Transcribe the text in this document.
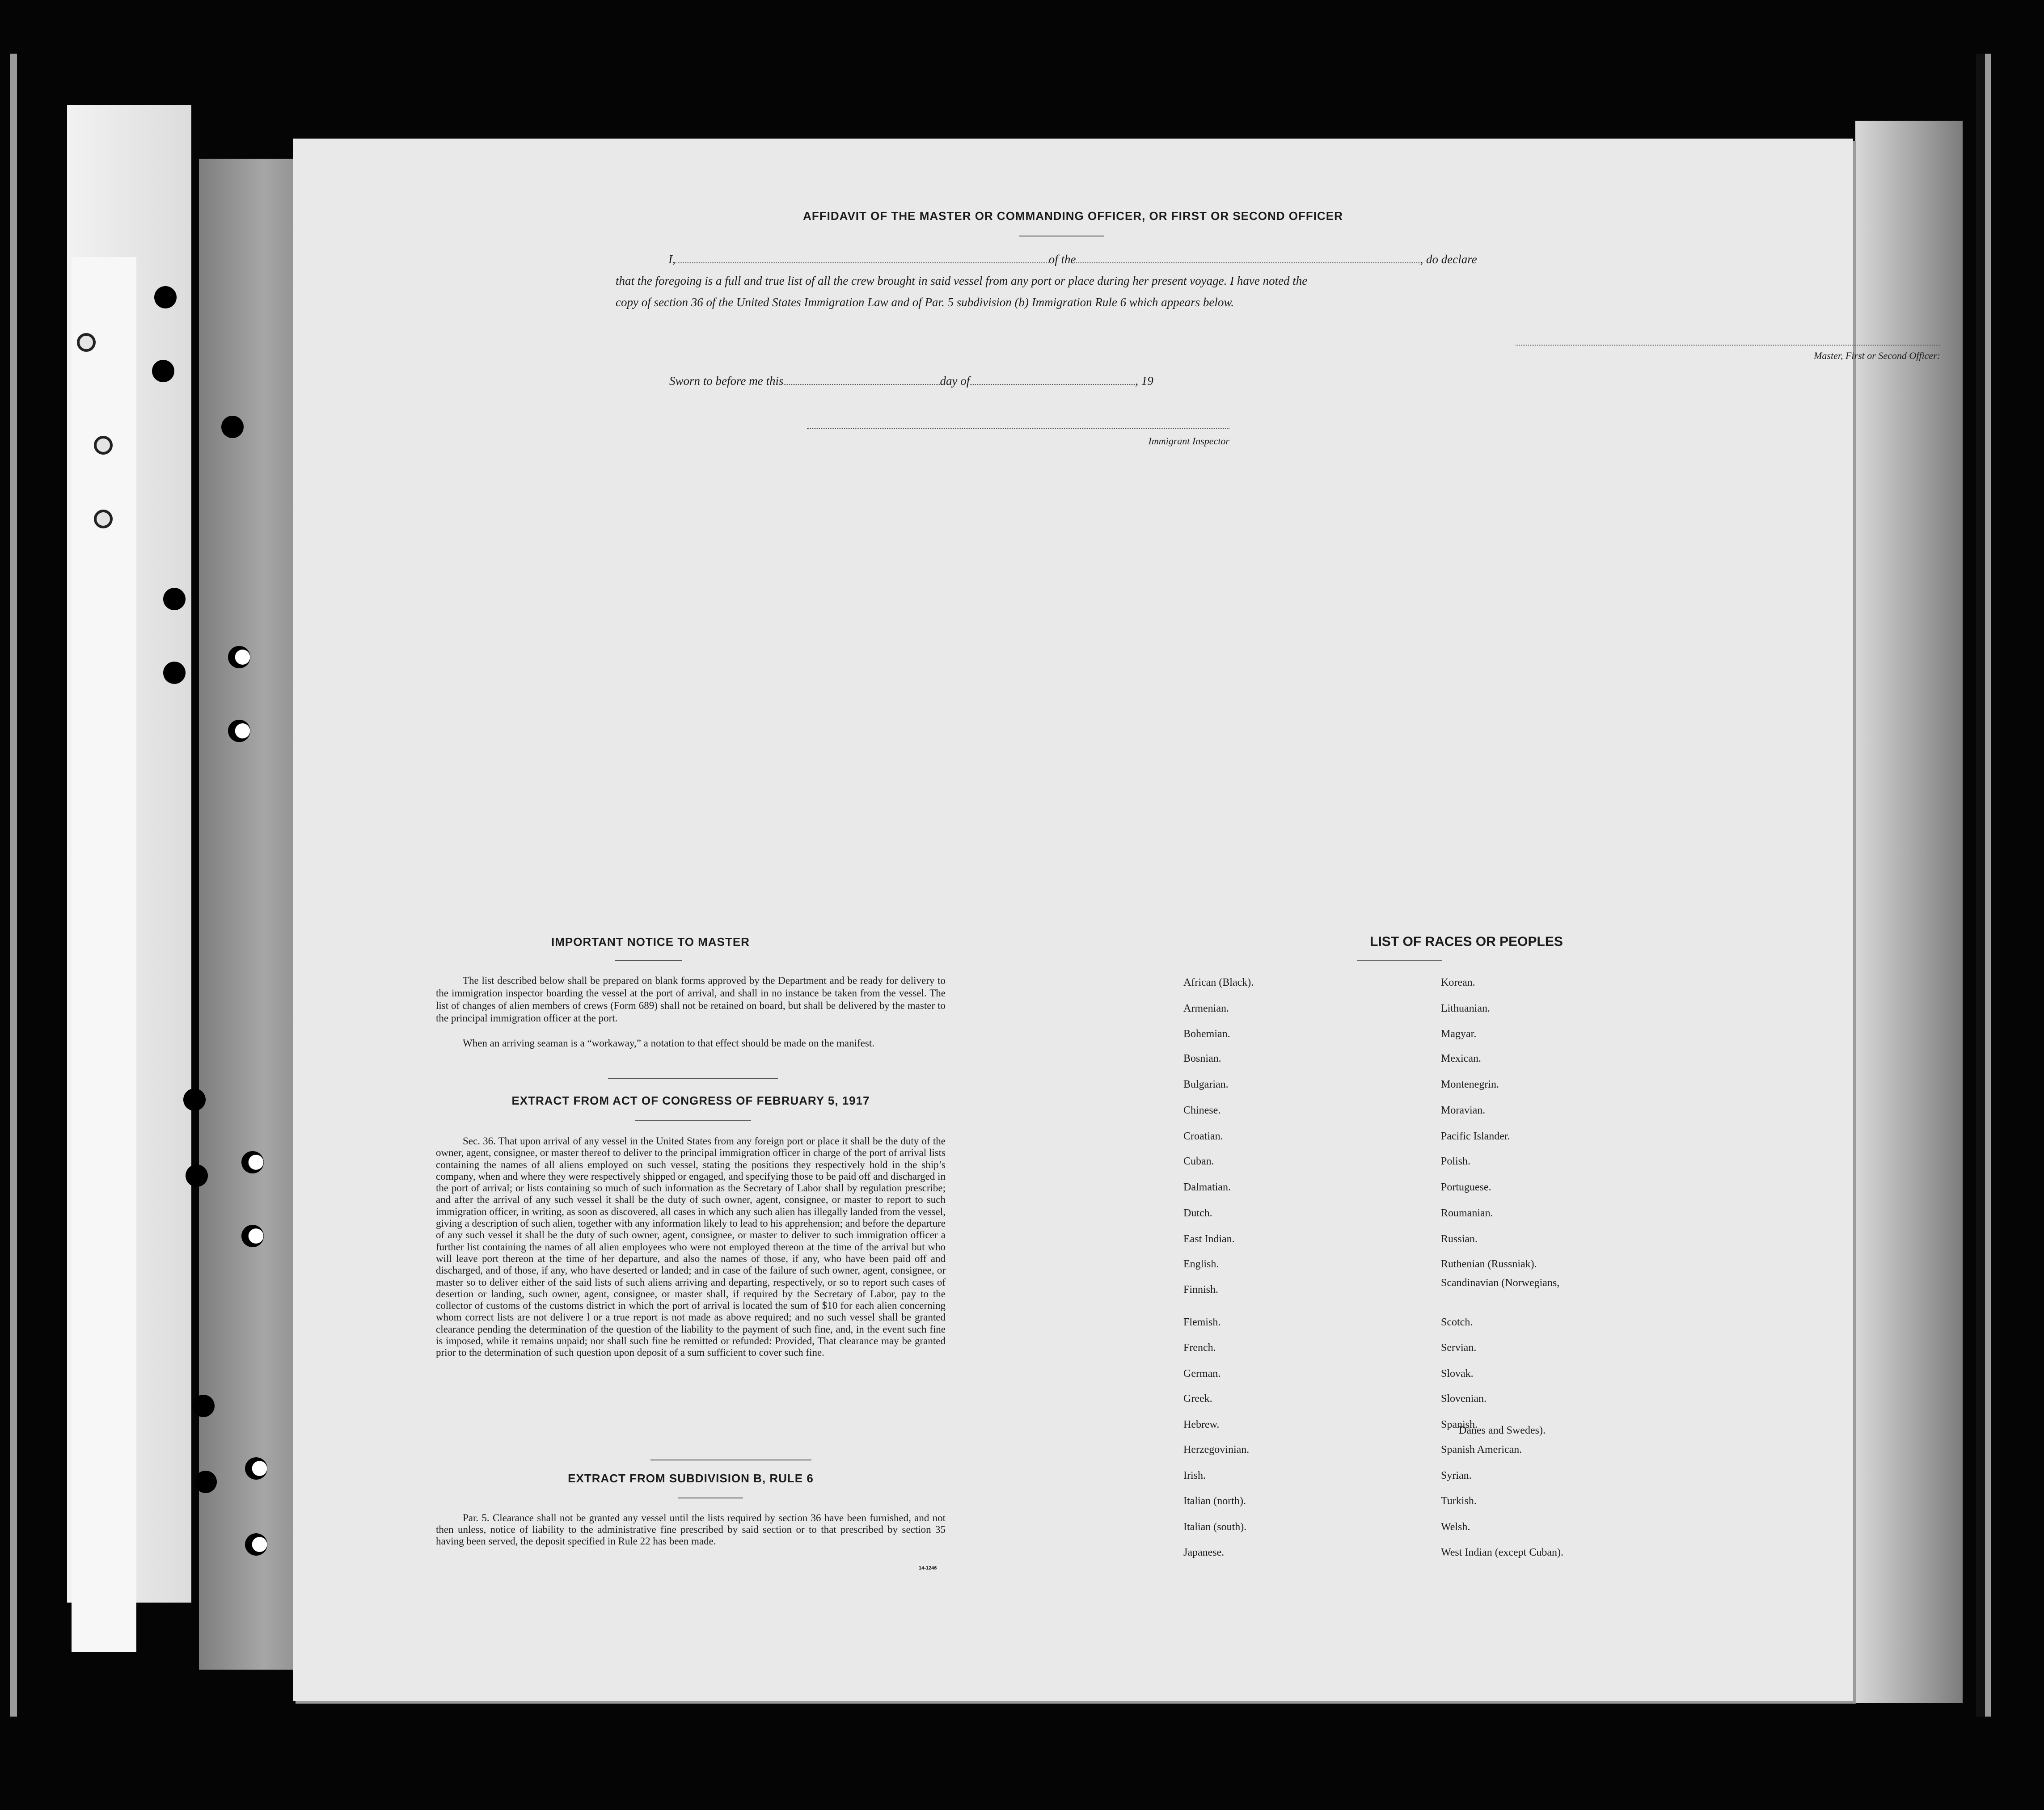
AFFIDAVIT OF THE MASTER OR COMMANDING OFFICER, OR FIRST OR SECOND OFFICER
I,	of the	, do declare
that the foregoing is a full and true list of all the crew brought in said vessel from any port or place during her present voyage. I have noted the
copy of section 36 of the United States Immigration Law and of Par. 5 subdivision (b) Immigration Rule 6 which appears below.
Master, First or Second Officer:
Sworn to before me this	day of	, 19
Immigrant Inspector
IMPORTANT NOTICE TO MASTER
The list described below shall be prepared on blank forms approved by the Department and be ready for delivery to the immigration inspector boarding the vessel at the port of arrival, and shall in no instance be taken from the vessel. The list of changes of alien members of crews (Form 689) shall not be retained on board, but shall be delivered by the master to the principal immigration officer at the port.
When an arriving seaman is a “workaway,” a notation to that effect should be made on the manifest.
EXTRACT FROM ACT OF CONGRESS OF FEBRUARY 5, 1917
Sec. 36. That upon arrival of any vessel in the United States from any foreign port or place it shall be the duty of the owner, agent, consignee, or master thereof to deliver to the principal immigration officer in charge of the port of arrival lists containing the names of all aliens employed on such vessel, stating the positions they respectively hold in the ship’s company, when and where they were respectively shipped or engaged, and specifying those to be paid off and discharged in the port of arrival; or lists containing so much of such information as the Secretary of Labor shall by regulation prescribe; and after the arrival of any such vessel it shall be the duty of such owner, agent, consignee, or master to report to such immigration officer, in writing, as soon as discovered, all cases in which any such alien has illegally landed from the vessel, giving a description of such alien, together with any information likely to lead to his apprehension; and before the departure of any such vessel it shall be the duty of such owner, agent, consignee, or master to deliver to such immigration officer a further list containing the names of all alien employees who were not employed thereon at the time of the arrival but who will leave port thereon at the time of her departure, and also the names of those, if any, who have been paid off and discharged, and of those, if any, who have deserted or landed; and in case of the failure of such owner, agent, consignee, or master so to deliver either of the said lists of such aliens arriving and departing, respectively, or so to report such cases of desertion or landing, such owner, agent, consignee, or master shall, if required by the Secretary of Labor, pay to the collector of customs of the customs district in which the port of arrival is located the sum of $10 for each alien concerning whom correct lists are not delivere l or a true report is not made as above required; and no such vessel shall be granted clearance pending the determination of the question of the liability to the payment of such fine, and, in the event such fine is imposed, while it remains unpaid; nor shall such fine be remitted or refunded: Provided, That clearance may be granted prior to the determination of such question upon deposit of a sum sufficient to cover such fine.
EXTRACT FROM SUBDIVISION B, RULE 6
Par. 5. Clearance shall not be granted any vessel until the lists required by section 36 have been furnished, and not then unless, notice of liability to the administrative fine prescribed by said section or to that prescribed by section 35 having been served, the deposit specified in Rule 22 has been made.
14-1246
LIST OF RACES OR PEOPLES
African (Black).
Armenian.
Bohemian.
Bosnian.
Bulgarian.
Chinese.
Croatian.
Cuban.
Dalmatian.
Dutch.
East Indian.
English.
Finnish.
Flemish.
French.
German.
Greek.
Hebrew.
Herzegovinian.
Irish.
Italian (north).
Italian (south).
Japanese.
Korean.
Lithuanian.
Magyar.
Mexican.
Montenegrin.
Moravian.
Pacific Islander.
Polish.
Portuguese.
Roumanian.
Russian.
Ruthenian (Russniak).
Scandinavian (Norwegians,
Scotch.
Servian.
Slovak.
Slovenian.
Spanish.
Spanish American.
Syrian.
Turkish.
Welsh.
West Indian (except Cuban).
Danes and Swedes).
